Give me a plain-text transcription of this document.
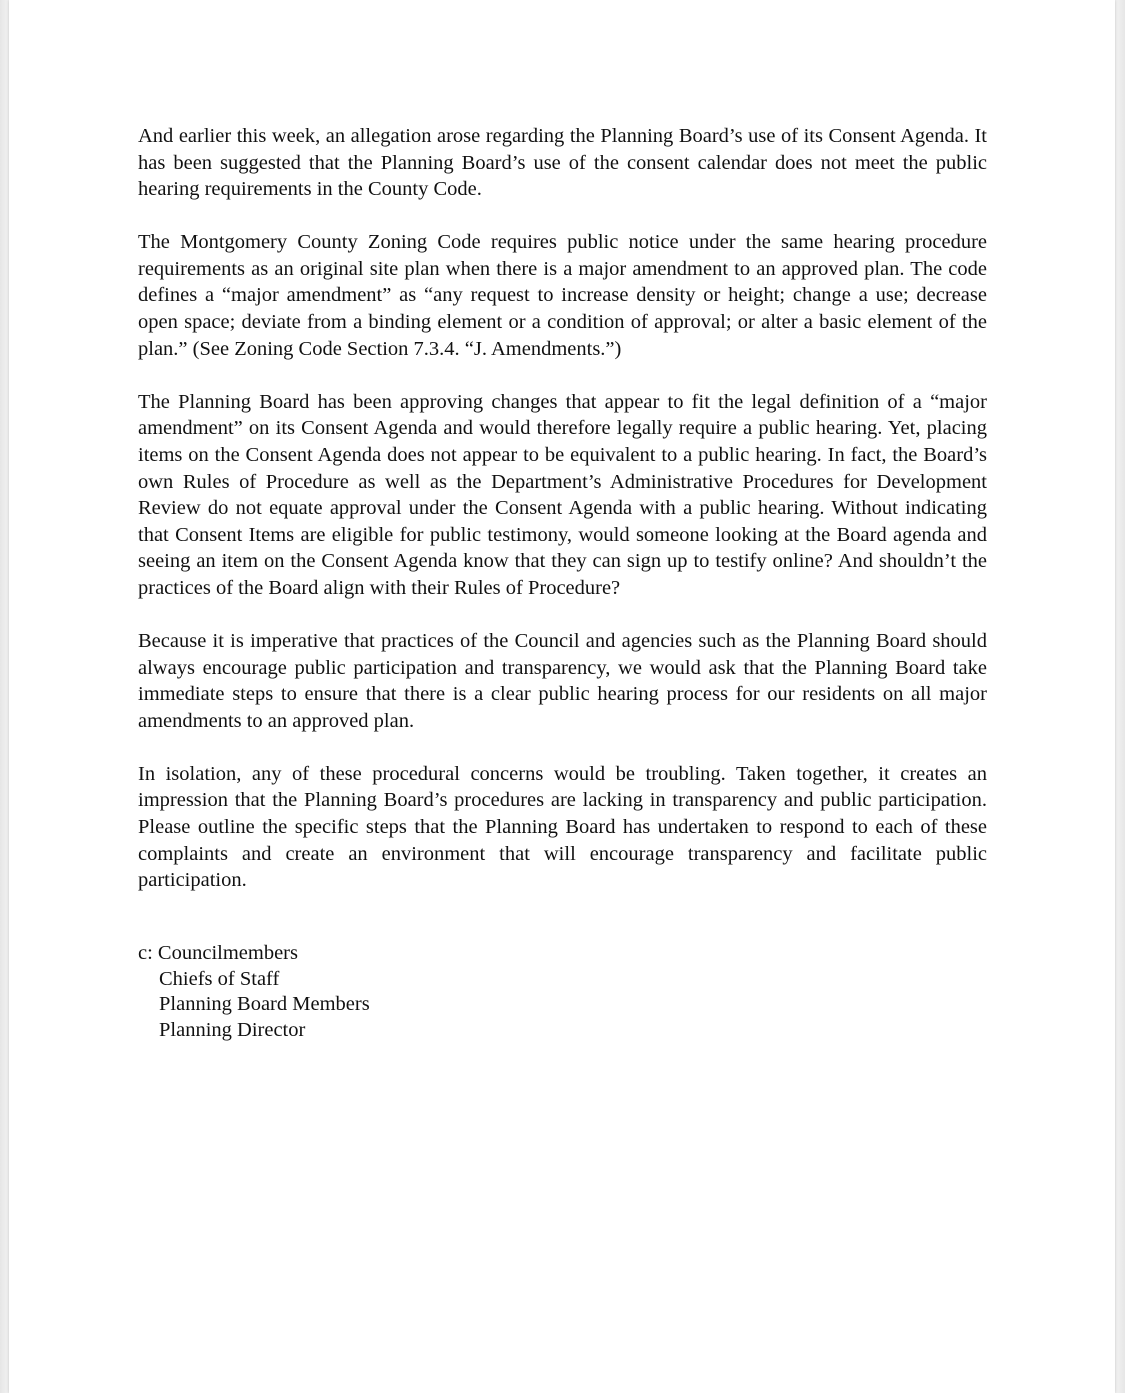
And earlier this week, an allegation arose regarding the Planning Board’s use of its Consent Agenda. It has been suggested that the Planning Board’s use of the consent calendar does not meet the public hearing requirements in the County Code.

The Montgomery County Zoning Code requires public notice under the same hearing procedure requirements as an original site plan when there is a major amendment to an approved plan. The code defines a “major amendment” as “any request to increase density or height; change a use; decrease open space; deviate from a binding element or a condition of approval; or alter a basic element of the plan.” (See Zoning Code Section 7.3.4. “J. Amendments.”)

The Planning Board has been approving changes that appear to fit the legal definition of a “major amendment” on its Consent Agenda and would therefore legally require a public hearing. Yet, placing items on the Consent Agenda does not appear to be equivalent to a public hearing. In fact, the Board’s own Rules of Procedure as well as the Department’s Administrative Procedures for Development Review do not equate approval under the Consent Agenda with a public hearing. Without indicating that Consent Items are eligible for public testimony, would someone looking at the Board agenda and seeing an item on the Consent Agenda know that they can sign up to testify online? And shouldn’t the practices of the Board align with their Rules of Procedure?

Because it is imperative that practices of the Council and agencies such as the Planning Board should always encourage public participation and transparency, we would ask that the Planning Board take immediate steps to ensure that there is a clear public hearing process for our residents on all major amendments to an approved plan.

In isolation, any of these procedural concerns would be troubling. Taken together, it creates an impression that the Planning Board’s procedures are lacking in transparency and public participation. Please outline the specific steps that the Planning Board has undertaken to respond to each of these complaints and create an environment that will encourage transparency and facilitate public participation.

c: Councilmembers
Chiefs of Staff
Planning Board Members
Planning Director
